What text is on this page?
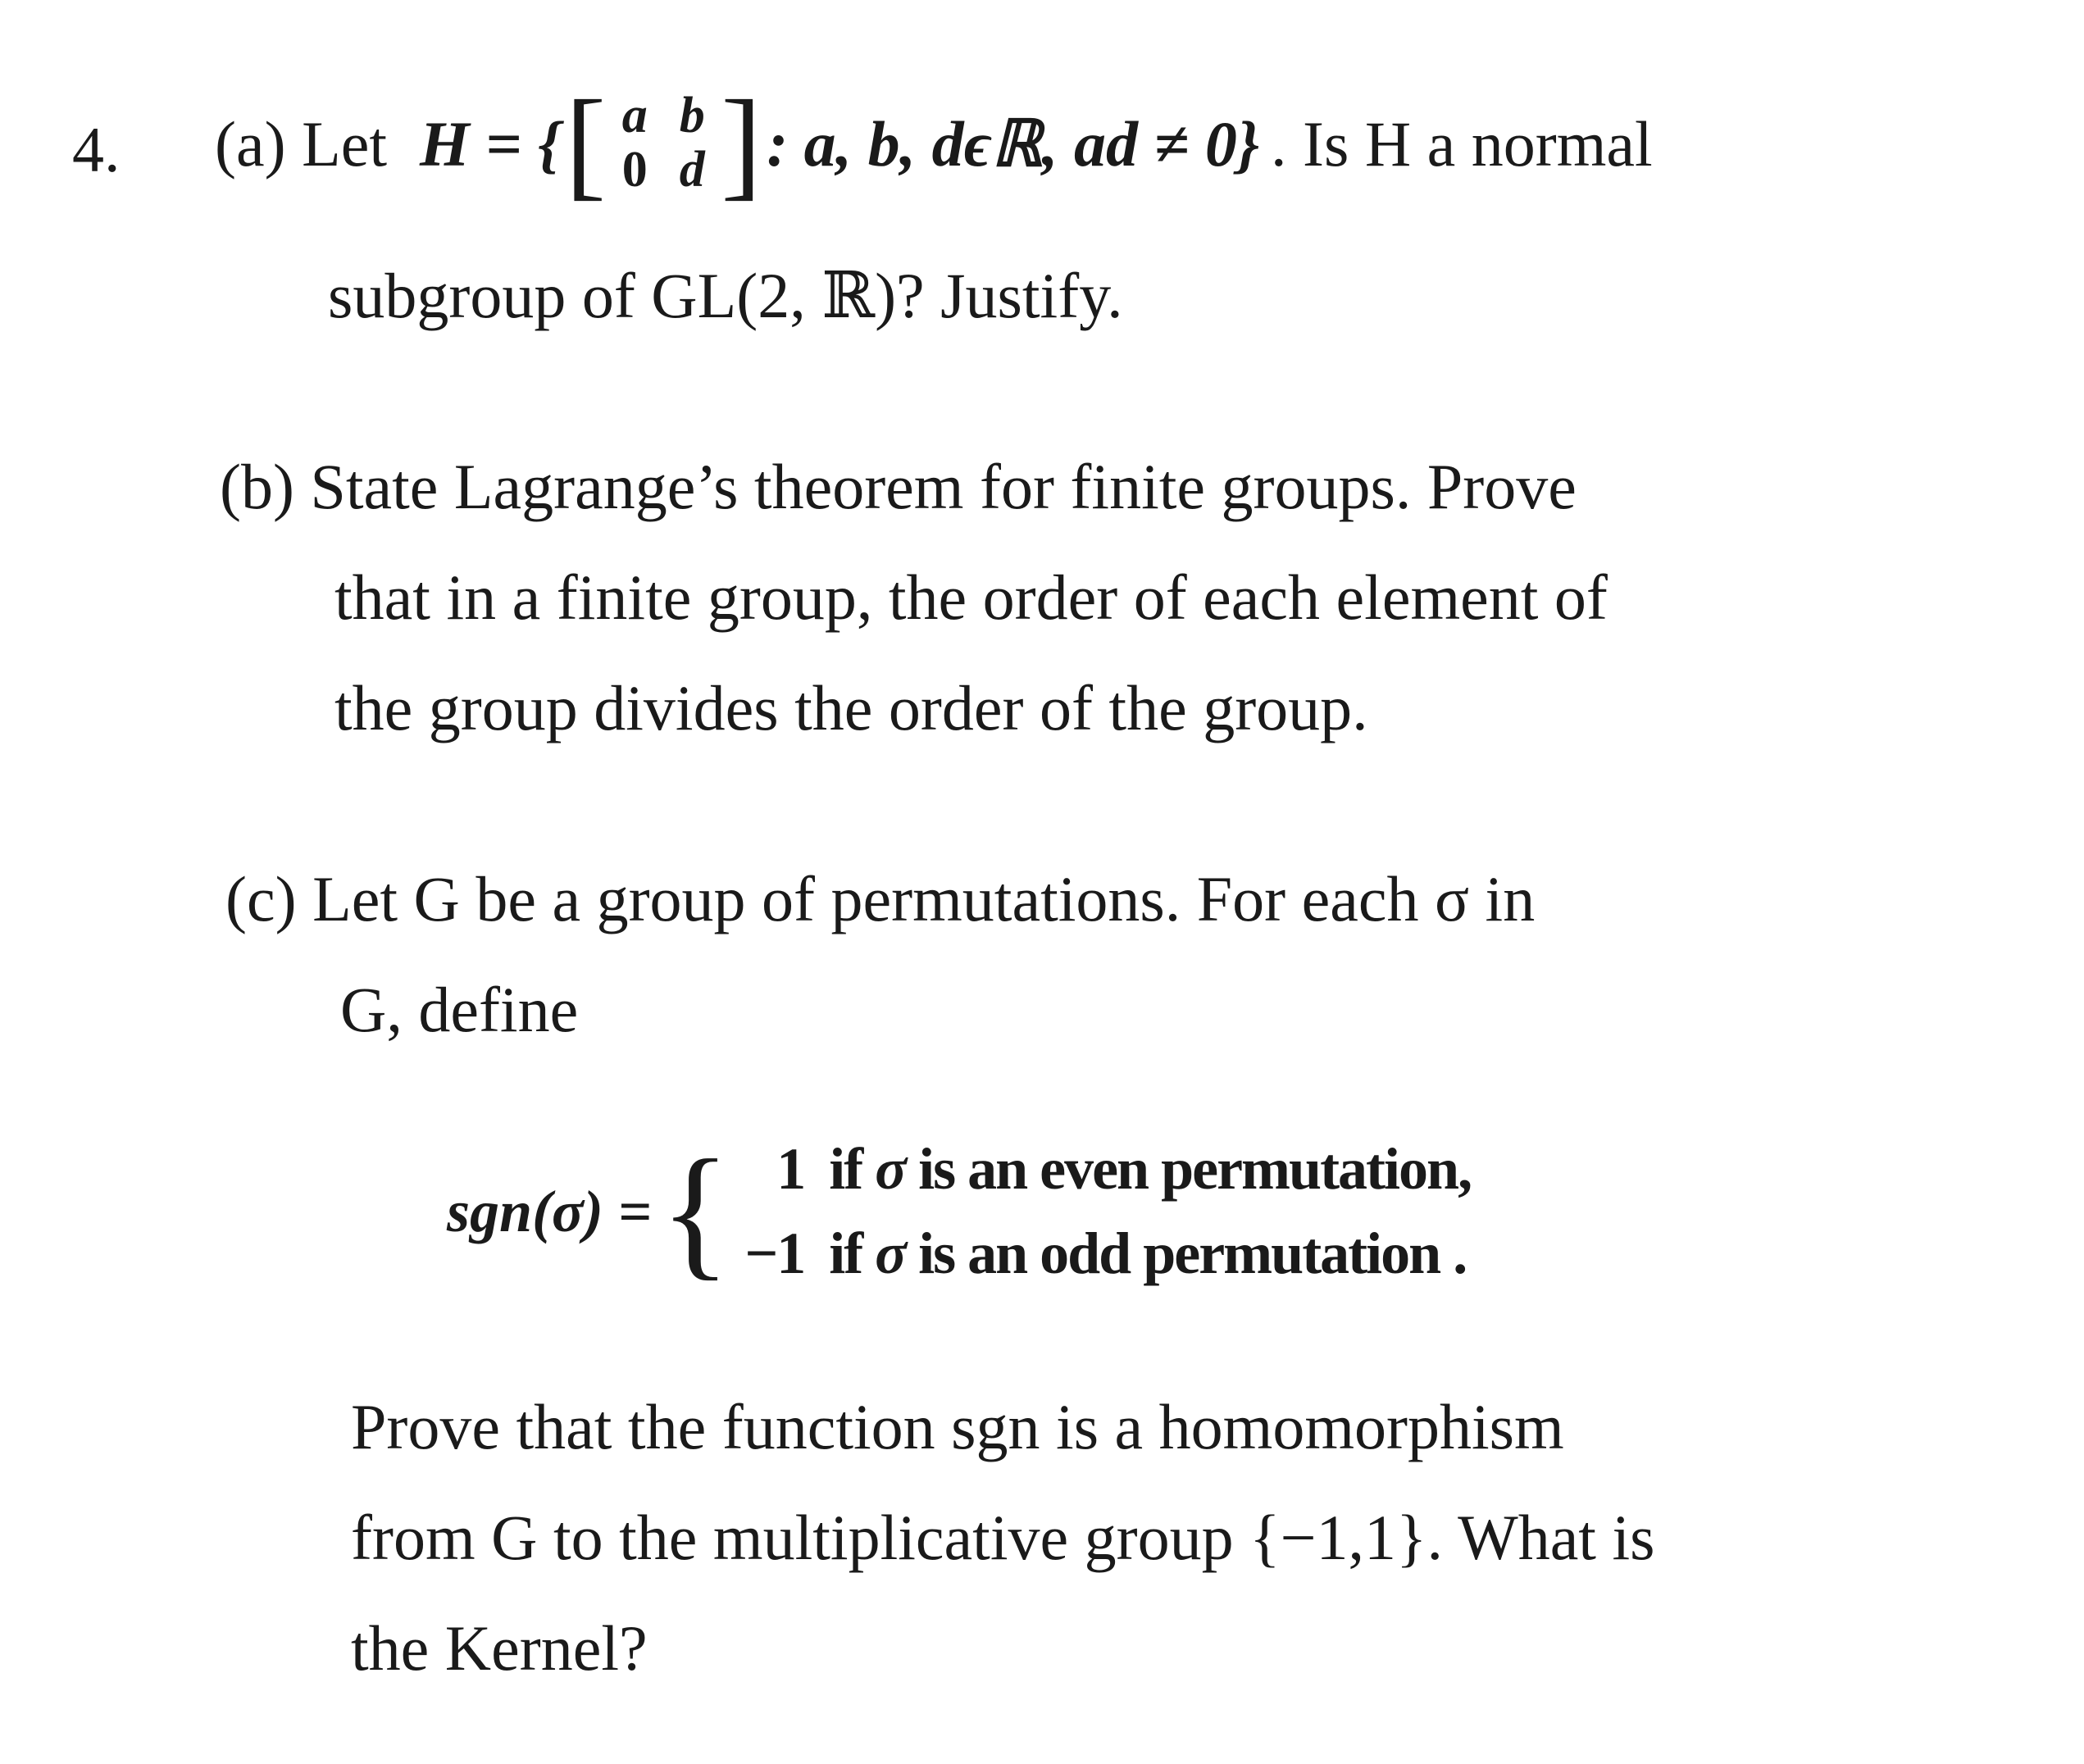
4. (a) Let H = { [ a b
0 d ] : a, b, dϵℝ, ad ≠ 0} . Is H a normal
subgroup of GL(2, ℝ)? Justify.
(b) State Lagrange’s theorem for finite groups. Prove
that in a finite group, the order of each element of
the group divides the order of the group.
(c) Let G be a group of permutations. For each σ in
G, define
sgn(σ) = { 1 if σ is an even permutation,
−1 if σ is an odd permutation .
Prove that the function sgn is a homomorphism
from G to the multiplicative group {−1,1}. What is
the Kernel?
